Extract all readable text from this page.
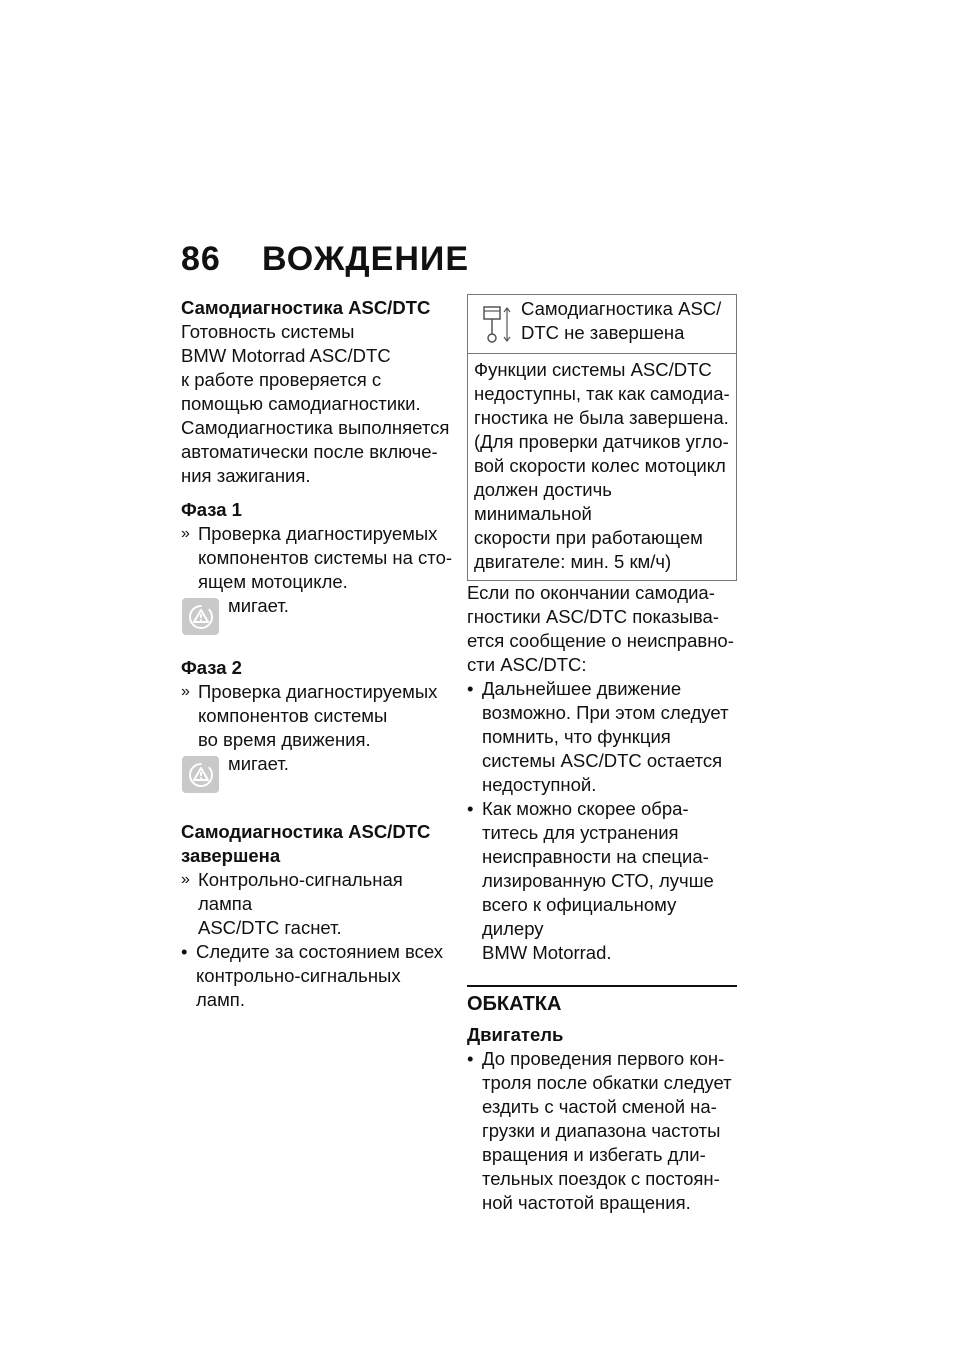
86 ВОЖДЕНИЕ
Самодиагностика ASC/DTC

Готовность системы
BMW Motorrad ASC/DTC
к работе проверяется с
помощью самодиагностики.
Самодиагностика выполняется
автоматически после включе-
ния зажигания.

Фаза 1
» Проверка диагностируемых
компонентов системы на сто-
ящем мотоцикле.
мигает.
Фаза 2
» Проверка диагностируемых
компонентов системы
во время движения.
мигает.
Самодиагностика ASC/DTC
завершена
» Контрольно-сигнальная лампа
ASC/DTC гаснет.
• Следите за состоянием всех
контрольно-сигнальных ламп.
Самодиагностика ASC/
DTC не завершена
Функции системы ASC/DTC
недоступны, так как самодиа-
гностика не была завершена.
(Для проверки датчиков угло-
вой скорости колес мотоцикл
должен достичь минимальной
скорости при работающем
двигателе: мин. 5 км/ч)

Если по окончании самодиа-
гностики ASC/DTC показыва-
ется сообщение о неисправно-
сти ASC/DTC:

• Дальнейшее движение
возможно. При этом следует
помнить, что функция
системы ASC/DTC остается
недоступной.
• Как можно скорее обра-
титесь для устранения
неисправности на специа-
лизированную СТО, лучше
всего к официальному дилеру
BMW Motorrad.
ОБКАТКА
Двигатель
• До проведения первого кон-
троля после обкатки следует
ездить с частой сменой на-
грузки и диапазона частоты
вращения и избегать дли-
тельных поездок с постоян-
ной частотой вращения.
